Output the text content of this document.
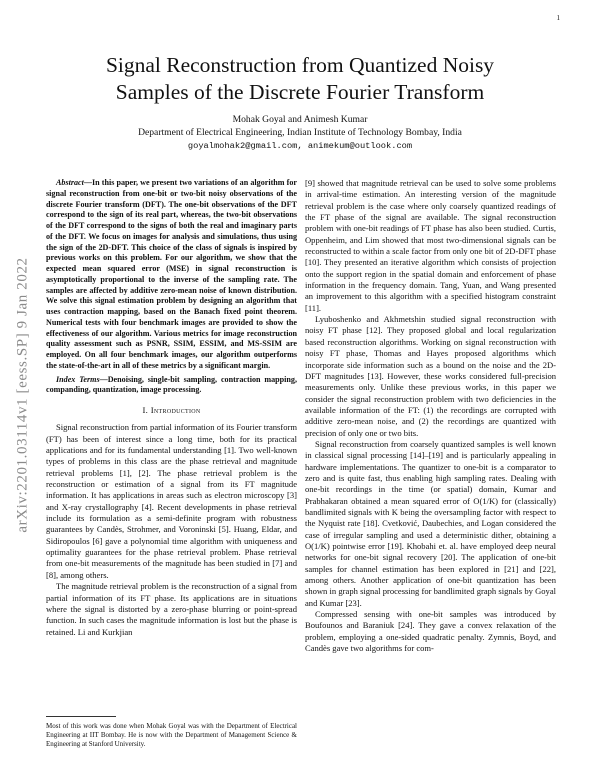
1
arXiv:2201.03114v1 [eess.SP] 9 Jan 2022
Signal Reconstruction from Quantized Noisy
Samples of the Discrete Fourier Transform
Mohak Goyal and Animesh Kumar
Department of Electrical Engineering, Indian Institute of Technology Bombay, India
goyalmohak2@gmail.com, animekum@outlook.com

Abstract—In this paper, we present two variations of an algorithm for signal reconstruction from one-bit or two-bit noisy observations of the discrete Fourier transform (DFT). The one-bit observations of the DFT correspond to the sign of its real part, whereas, the two-bit observations of the DFT correspond to the signs of both the real and imaginary parts of the DFT. We focus on images for analysis and simulations, thus using the sign of the 2D-DFT. This choice of the class of signals is inspired by previous works on this problem. For our algorithm, we show that the expected mean squared error (MSE) in signal reconstruction is asymptotically proportional to the inverse of the sampling rate. The samples are affected by additive zero-mean noise of known distribution. We solve this signal estimation problem by designing an algorithm that uses contraction mapping, based on the Banach fixed point theorem. Numerical tests with four benchmark images are provided to show the effectiveness of our algorithm. Various metrics for image reconstruction quality assessment such as PSNR, SSIM, ESSIM, and MS-SSIM are employed. On all four benchmark images, our algorithm outperforms the state-of-the-art in all of these metrics by a significant margin.

Index Terms—Denoising, single-bit sampling, contraction mapping, companding, quantization, image processing.

I. Introduction

Signal reconstruction from partial information of its Fourier transform (FT) has been of interest since a long time, both for its practical applications and for its fundamental understanding [1]. Two well-known types of problems in this class are the phase retrieval and magnitude retrieval problems [1], [2]. The phase retrieval problem is the reconstruction or estimation of a signal from its FT magnitude information. It has applications in areas such as electron microscopy [3] and X-ray crystallography [4]. Recent developments in phase retrieval include its formulation as a semi-definite program with robustness guarantees by Candès, Strohmer, and Voroninski [5]. Huang, Eldar, and Sidiropoulos [6] gave a polynomial time algorithm with uniqueness and optimality guarantees for the phase retrieval problem. Phase retrieval from one-bit measurements of the magnitude has been studied in [7] and [8], among others.

The magnitude retrieval problem is the reconstruction of a signal from partial information of its FT phase. Its applications are in situations where the signal is distorted by a zero-phase blurring or point-spread function. In such cases the magnitude information is lost but the phase is retained. Li and Kurkjian

Most of this work was done when Mohak Goyal was with the Department of Electrical Engineering at IIT Bombay. He is now with the Department of Management Science & Engineering at Stanford University.

[9] showed that magnitude retrieval can be used to solve some problems in arrival-time estimation. An interesting version of the magnitude retrieval problem is the case where only coarsely quantized readings of the FT phase of the signal are available. The signal reconstruction problem with one-bit readings of FT phase has also been studied. Curtis, Oppenheim, and Lim showed that most two-dimensional signals can be reconstructed to within a scale factor from only one bit of 2D-DFT phase [10]. They presented an iterative algorithm which consists of projection onto the support region in the spatial domain and enforcement of phase information in the frequency domain. Tang, Yuan, and Wang presented an improvement to this algorithm with a specified histogram constraint [11].

Lyuboshenko and Akhmetshin studied signal reconstruction with noisy FT phase [12]. They proposed global and local regularization based reconstruction algorithms. Working on signal reconstruction with noisy FT phase, Thomas and Hayes proposed algorithms which incorporate side information such as a bound on the noise and the 2D-DFT magnitudes [13]. However, these works considered full-precision measurements only. Unlike these previous works, in this paper we consider the signal reconstruction problem with two deficiencies in the available information of the FT: (1) the recordings are corrupted with additive zero-mean noise, and (2) the recordings are quantized with precision of only one or two bits.

Signal reconstruction from coarsely quantized samples is well known in classical signal processing [14]–[19] and is particularly appealing in hardware implementations. The quantizer to one-bit is a comparator to zero and is quite fast, thus enabling high sampling rates. Dealing with one-bit recordings in the time (or spatial) domain, Kumar and Prabhakaran obtained a mean squared error of O(1/K) for (classically) bandlimited signals with K being the oversampling factor with respect to the Nyquist rate [18]. Cvetković, Daubechies, and Logan considered the case of irregular sampling and used a deterministic dither, obtaining a O(1/K) pointwise error [19]. Khobahi et. al. have employed deep neural networks for one-bit signal recovery [20]. The application of one-bit samples for channel estimation has been explored in [21] and [22], among others. Another application of one-bit quantization has been shown in graph signal processing for bandlimited graph signals by Goyal and Kumar [23].

Compressed sensing with one-bit samples was introduced by Boufounos and Baraniuk [24]. They gave a convex relaxation of the problem, employing a one-sided quadratic penalty. Zymnis, Boyd, and Candès gave two algorithms for com-
